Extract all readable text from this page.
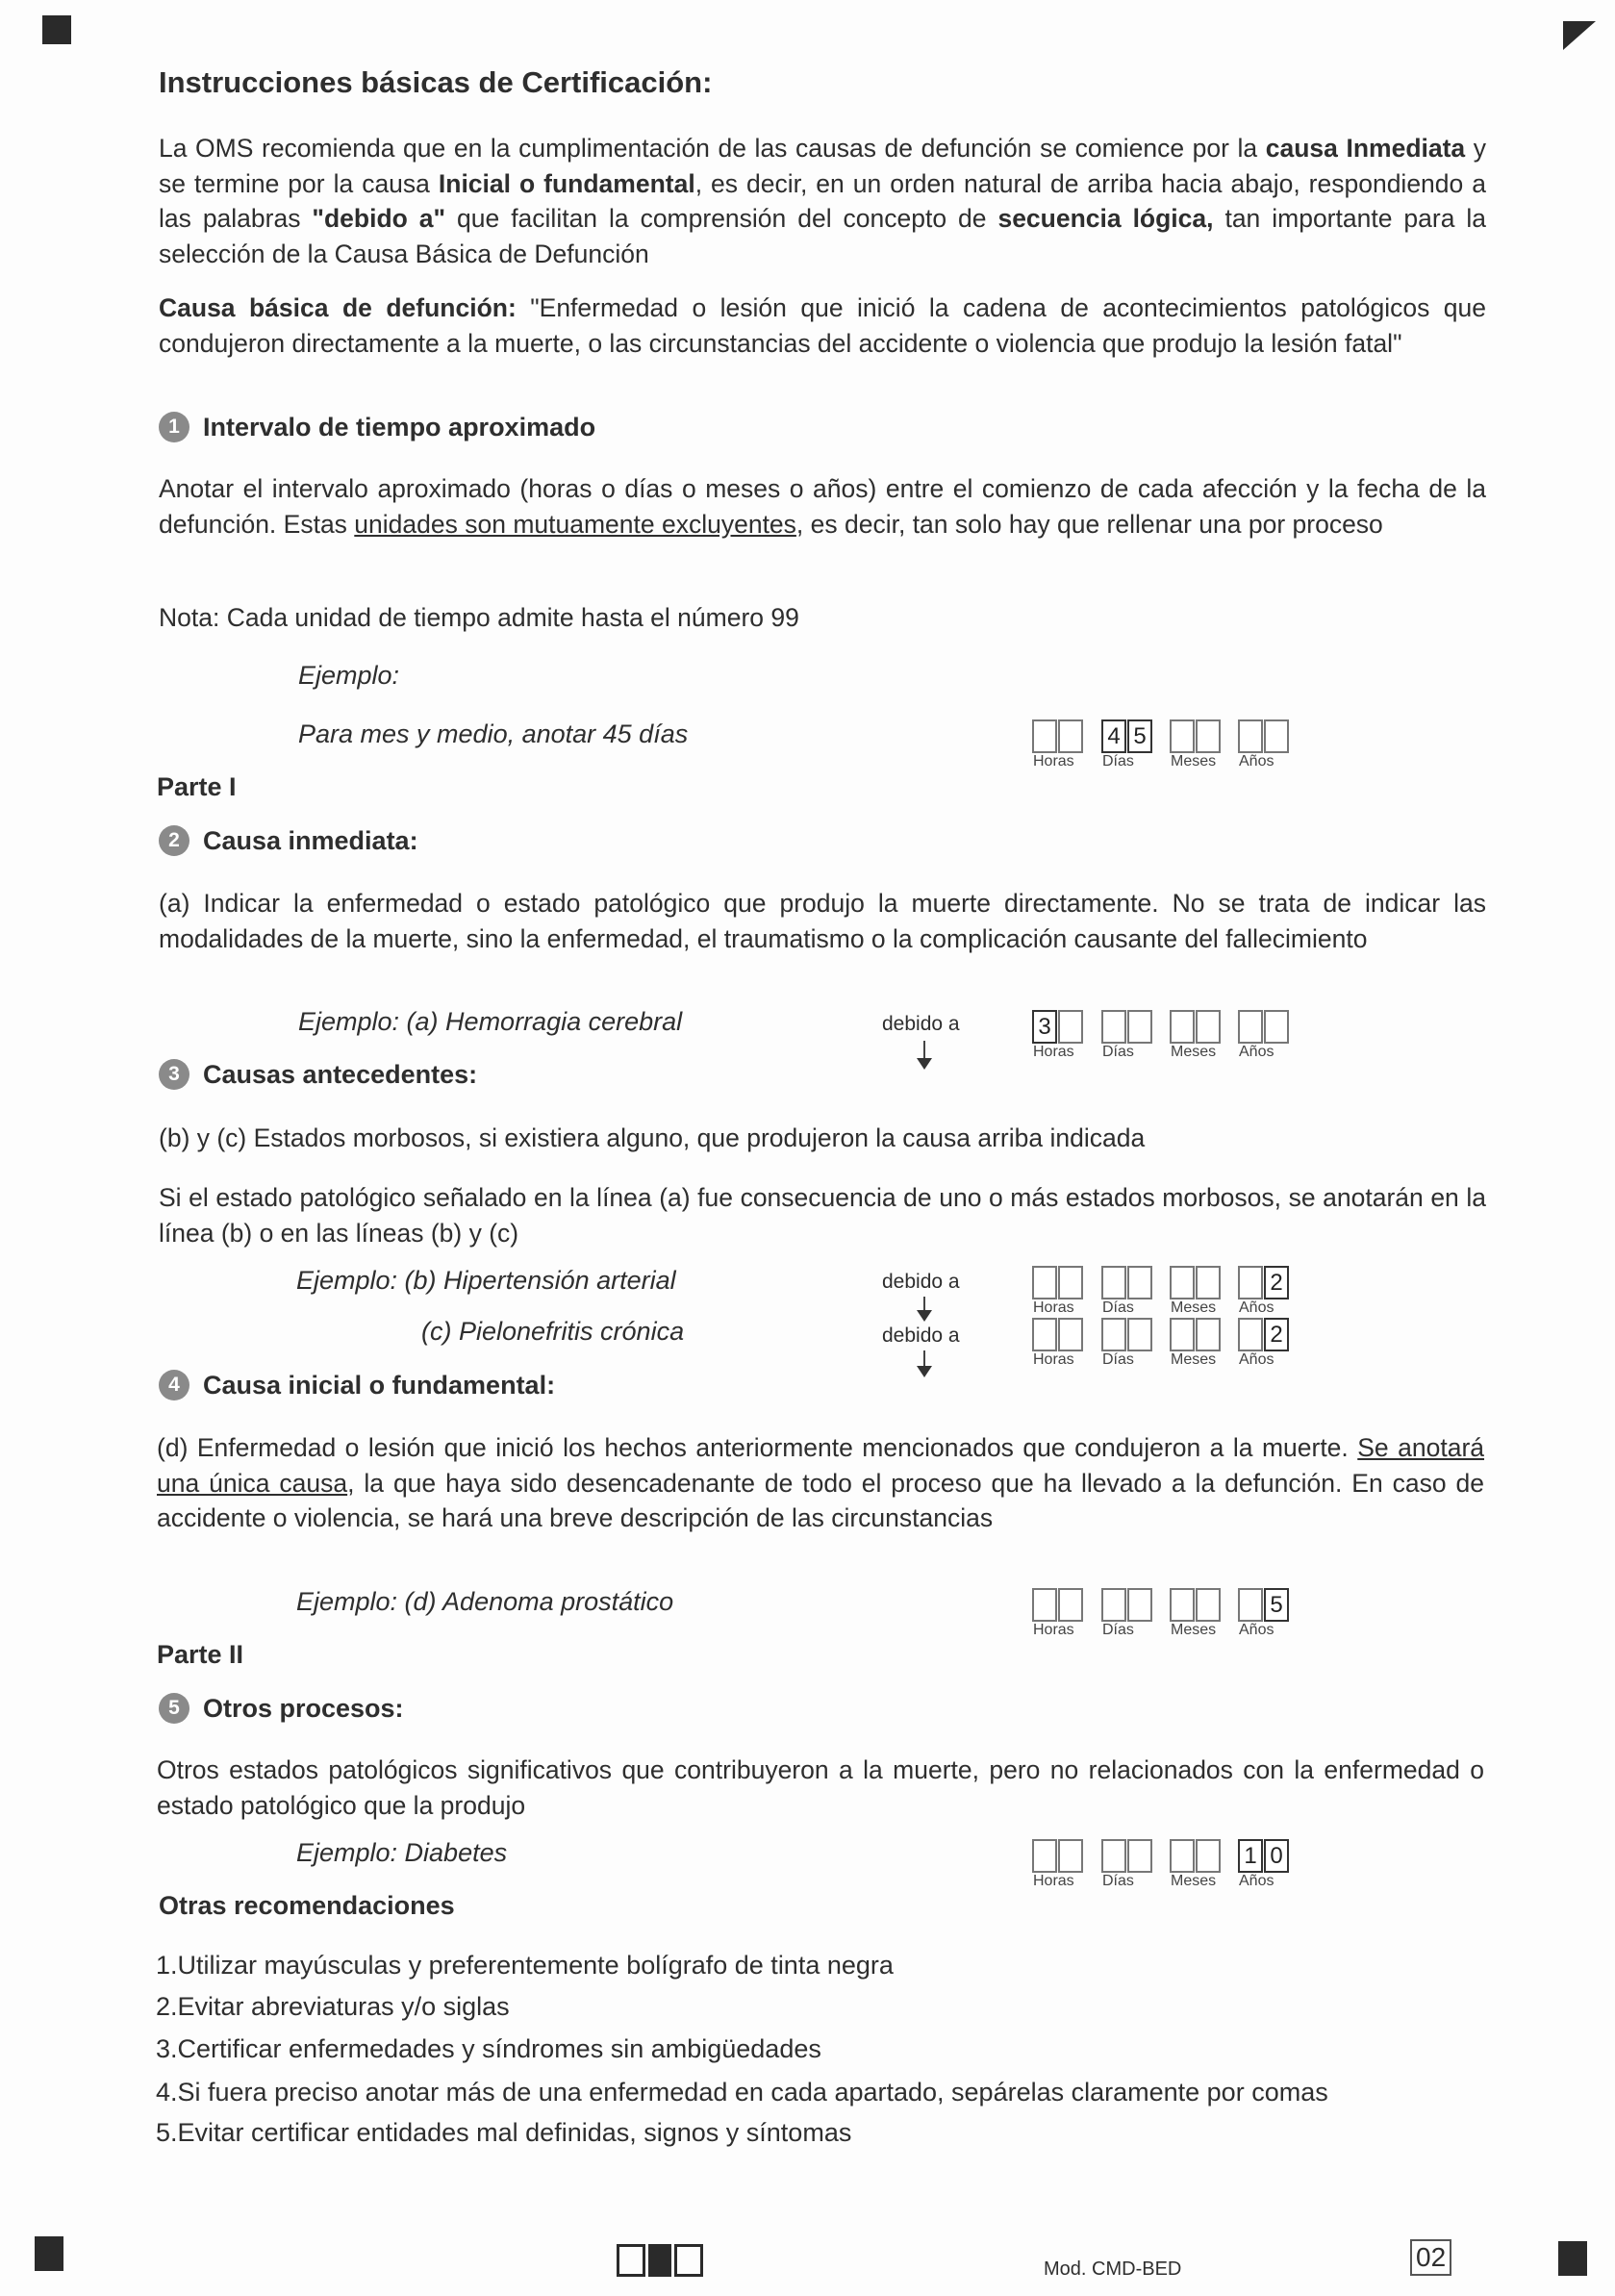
Instrucciones básicas de Certificación:
La OMS recomienda que en la cumplimentación de las causas de defunción se comience por la causa Inmediata y se termine por la causa Inicial o fundamental, es decir, en un orden natural de arriba hacia abajo, respondiendo a las palabras "debido a" que facilitan la comprensión del concepto de secuencia lógica, tan importante para la selección de la Causa Básica de Defunción
Causa básica de defunción: "Enfermedad o lesión que inició la cadena de acontecimientos patológicos que condujeron directamente a la muerte, o las circunstancias del accidente o violencia que produjo la lesión fatal"
1 Intervalo de tiempo aproximado
Anotar el intervalo aproximado (horas o días o meses o años) entre el comienzo de cada afección y la fecha de la defunción. Estas unidades son mutuamente excluyentes, es decir, tan solo hay que rellenar una por proceso
Nota: Cada unidad de tiempo admite hasta el número 99
Ejemplo:
Para mes y medio, anotar 45 días	4 5
Horas Días Meses Años
Parte I
2 Causa inmediata:
(a) Indicar la enfermedad o estado patológico que produjo la muerte directamente. No se trata de indicar las modalidades de la muerte, sino la enfermedad, el traumatismo o la complicación causante del fallecimiento
Ejemplo: (a) Hemorragia cerebral	debido a	3
Horas Días Meses Años
3 Causas antecedentes:
(b) y (c) Estados morbosos, si existiera alguno, que produjeron la causa arriba indicada
Si el estado patológico señalado en la línea (a) fue consecuencia de uno o más estados morbosos, se anotarán en la línea (b) o en las líneas (b) y (c)
Ejemplo: (b) Hipertensión arterial
(c) Pielonefritis crónica
debido a
debido a
2
Horas Días Meses Años
2
Horas Días Meses Años
4 Causa inicial o fundamental:
(d) Enfermedad o lesión que inició los hechos anteriormente mencionados que condujeron a la muerte. Se anotará una única causa, la que haya sido desencadenante de todo el proceso que ha llevado a la defunción. En caso de accidente o violencia, se hará una breve descripción de las circunstancias
Ejemplo: (d) Adenoma prostático	5
Horas Días Meses Años
Parte II
5 Otros procesos:
Otros estados patológicos significativos que contribuyeron a la muerte, pero no relacionados con la enfermedad o estado patológico que la produjo
Ejemplo: Diabetes	1 0
Horas Días Meses Años
Otras recomendaciones
1.Utilizar mayúsculas y preferentemente bolígrafo de tinta negra
2.Evitar abreviaturas y/o siglas
3.Certificar enfermedades y síndromes sin ambigüedades
4.Si fuera preciso anotar más de una enfermedad en cada apartado, sepárelas claramente por comas
5.Evitar certificar entidades mal definidas, signos y síntomas
Mod. CMD-BED	02
